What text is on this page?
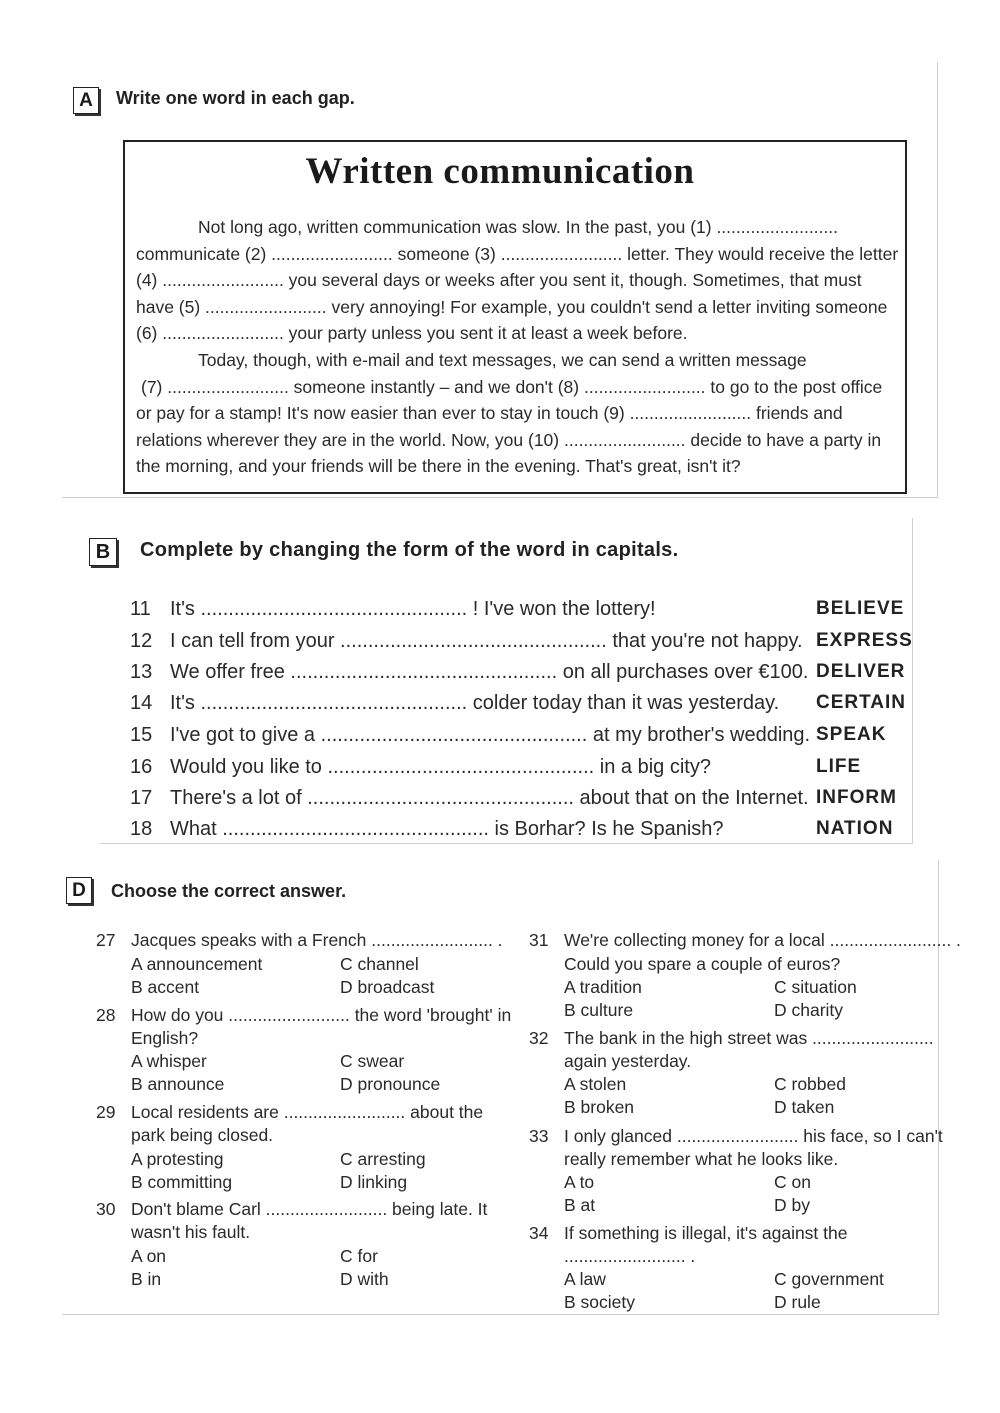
A	Write one word in each gap.
Written communication
Not long ago, written communication was slow. In the past, you (1) .........................
communicate (2) ......................... someone (3) ......................... letter. They would receive the letter
(4) ......................... you several days or weeks after you sent it, though. Sometimes, that must
have (5) ......................... very annoying! For example, you couldn't send a letter inviting someone
(6) ......................... your party unless you sent it at least a week before.
Today, though, with e-mail and text messages, we can send a written message
(7) ......................... someone instantly – and we don't (8) ......................... to go to the post office
or pay for a stamp! It's now easier than ever to stay in touch (9) ......................... friends and
relations wherever they are in the world. Now, you (10) ......................... decide to have a party in
the morning, and your friends will be there in the evening. That's great, isn't it?
B	Complete by changing the form of the word in capitals.
11 It's ................................................ ! I've won the lottery!	BELIEVE
12 I can tell from your ................................................ that you're not happy. EXPRESS
13 We offer free ................................................ on all purchases over €100. DELIVER
14 It's ................................................ colder today than it was yesterday. CERTAIN
15 I've got to give a ................................................ at my brother's wedding. SPEAK
16 Would you like to ................................................ in a big city?	LIFE
17 There's a lot of ................................................ about that on the Internet. INFORM
18 What ................................................ is Borhar? Is he Spanish?	NATION
D	Choose the correct answer.
27 Jacques speaks with a French ......................... .
A announcement	C channel
B accent	D broadcast
28 How do you ......................... the word 'brought' in
English?
A whisper	C swear
B announce	D pronounce
29 Local residents are ......................... about the
park being closed.
A protesting	C arresting
B committing	D linking
30 Don't blame Carl ......................... being late. It
wasn't his fault.
A on	C for
B in	D with
31 We're collecting money for a local ......................... .
Could you spare a couple of euros?
A tradition	C situation
B culture	D charity
32 The bank in the high street was .........................
again yesterday.
A stolen	C robbed
B broken	D taken
33 I only glanced ......................... his face, so I can't
really remember what he looks like.
A to	C on
B at	D by
34 If something is illegal, it's against the
......................... .
A law	C government
B society	D rule
